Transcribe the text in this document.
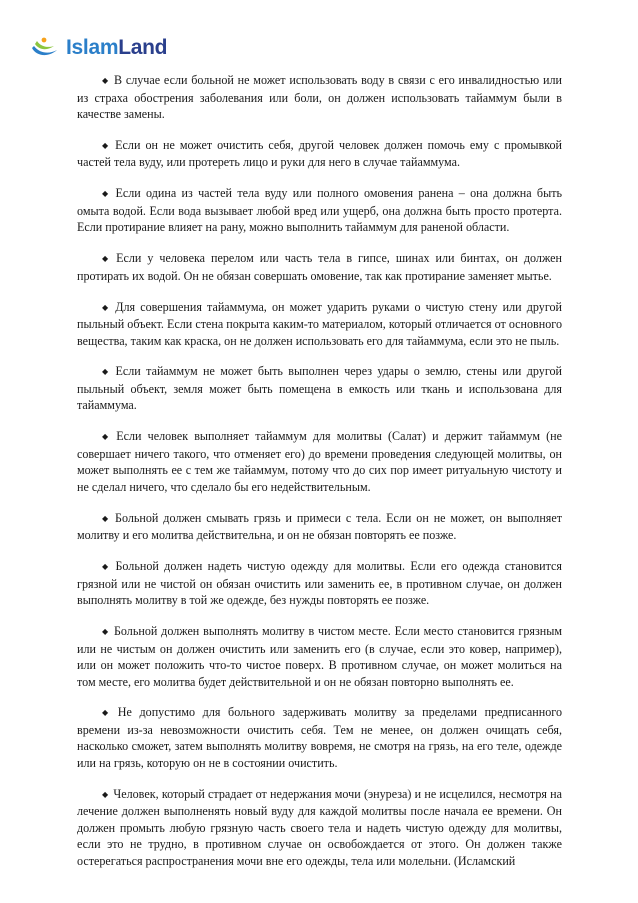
IslamLand

◆ В случае если больной не может использовать воду в связи с его инвалидностью или из страха обострения заболевания или боли, он должен использовать тайаммум были в качестве замены.

◆ Если он не может очистить себя, другой человек должен помочь ему с промывкой частей тела вуду, или протереть лицо и руки для него в случае тайаммума.

◆ Если одина из частей тела вуду или полного омовения ранена – она должна быть омыта водой. Если вода вызывает любой вред или ущерб, она должна быть просто протерта. Если протирание влияет на рану, можно выполнить тайаммум для раненой области.

◆ Если у человека перелом или часть тела в гипсе, шинах или бинтах, он должен протирать их водой. Он не обязан совершать омовение, так как протирание заменяет мытье.

◆ Для совершения тайаммума, он может ударить руками о чистую стену или другой пыльный объект. Если стена покрыта каким-то материалом, который отличается от основного вещества, таким как краска, он не должен использовать его для тайаммума, если это не пыль.

◆ Если тайаммум не может быть выполнен через удары о землю, стены или другой пыльный объект, земля может быть помещена в емкость или ткань и использована для тайаммума.

◆ Если человек выполняет тайаммум для молитвы (Салат) и держит тайаммум (не совершает ничего такого, что отменяет его) до времени проведения следующей молитвы, он может выполнять ее с тем же тайаммум, потому что до сих пор имеет ритуальную чистоту и не сделал ничего, что сделало бы его недействительным.

◆ Больной должен смывать грязь и примеси с тела. Если он не может, он выполняет молитву и его молитва действительна, и он не обязан повторять ее позже.

◆ Больной должен надеть чистую одежду для молитвы. Если его одежда становится грязной или не чистой он обязан очистить или заменить ее, в противном случае, он должен выполнять молитву в той же одежде, без нужды повторять ее позже.

◆ Больной должен выполнять молитву в чистом месте. Если место становится грязным или не чистым он должен очистить или заменить его (в случае, если это ковер, например), или он может положить что-то чистое поверх. В противном случае, он может молиться на том месте, его молитва будет действительной и он не обязан повторно выполнять ее.

◆ Не допустимо для больного задерживать молитву за пределами предписанного времени из-за невозможности очистить себя. Тем не менее, он должен очищать себя, насколько сможет, затем выполнять молитву вовремя, не смотря на грязь, на его теле, одежде или на грязь, которую он не в состоянии очистить.

◆ Человек, который страдает от недержания мочи (энуреза) и не исцелился, несмотря на лечение должен выполненять новый вуду для каждой молитвы после начала ее времени. Он должен промыть любую грязную часть своего тела и надеть чистую одежду для молитвы, если это не трудно, в противном случае он освобождается от этого. Он должен также остерегаться распространения мочи вне его одежды, тела или молельни. (Исламский
